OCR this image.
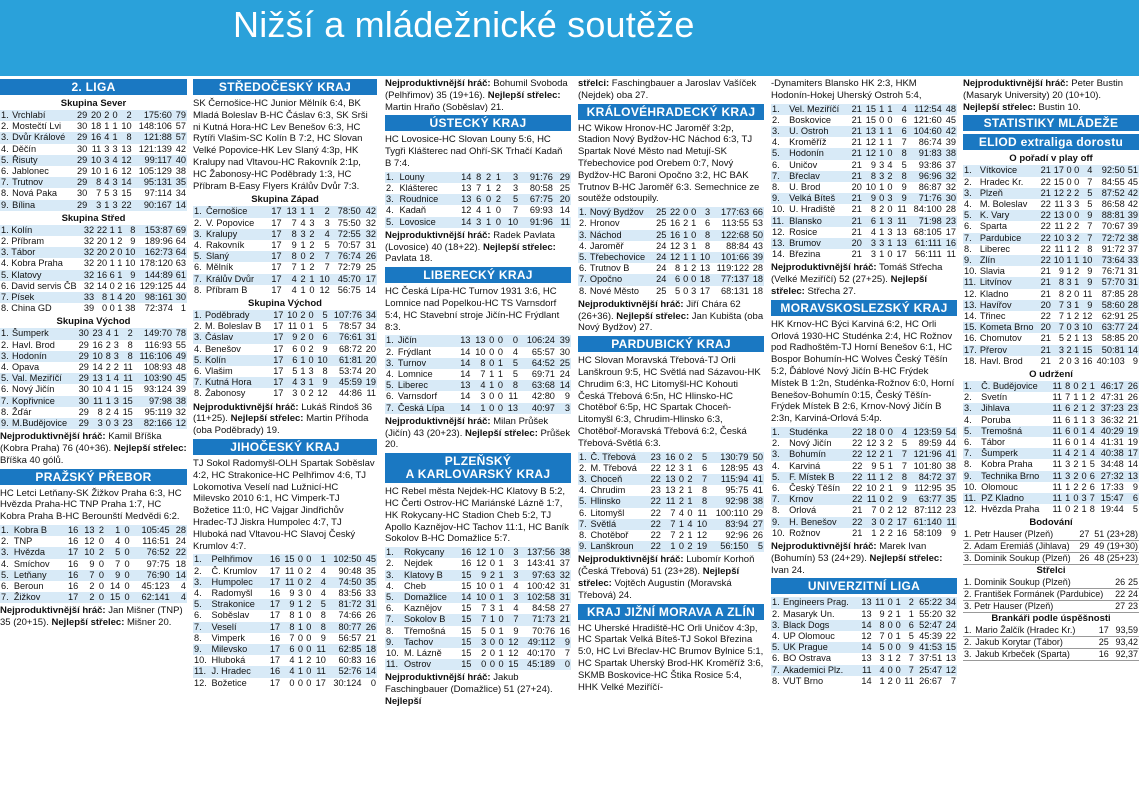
Nižší a mládežnické soutěže
2. LIGA
Skupina Sever
1.	Vrchlabí	29	20	2	0	2	175:60	79
2.	Mostečtí Lvi	30	18	1	1	10	148:106	57
3.	Dvůr Králové	29	16	4	1	8	121:88	57
4.	Děčín	30	11	3	3	13	121:139	42
5.	Řisuty	29	10	3	4	12	99:117	40
6.	Jablonec	29	10	1	6	12	105:129	38
7.	Trutnov	29	8	4	3	14	95:131	35
8.	Nová Paka	30	7	5	3	15	97:114	34
9.	Bílina	29	3	1	3	22	90:167	14
Skupina Střed
1.	Kolín	32	22	1	1	8	153:87	69
2.	Příbram	32	20	1	2	9	189:96	64
3.	Tábor	32	20	2	0	10	162:73	64
4.	Kobra Praha	32	20	1	1	10	178:120	63
5.	Klatovy	32	16	6	1	9	144:89	61
6.	David servis ČB	32	14	0	2	16	129:125	44
7.	Písek	33	8	1	4	20	98:161	30
8.	China GD	39	0	0	1	38	72:374	1
Skupina Východ
1.	Šumperk	30	23	4	1	2	149:70	78
2.	Havl. Brod	29	16	2	3	8	116:93	55
3.	Hodonín	29	10	8	3	8	116:106	49
4.	Opava	29	14	2	2	11	108:93	48
5.	Val. Meziříčí	29	13	1	4	11	103:90	45
6.	Nový Jičín	30	10	4	1	15	93:124	39
7.	Kopřivnice	30	11	1	3	15	97:98	38
8.	Žďár	29	8	2	4	15	95:119	32
9.	M.Budějovice	29	3	0	3	23	82:166	12

Nejproduktivnější hráč: Kamil Bříška (Kobra Praha) 76 (40+36). Nejlepší střelec: Bříška 40 gólů.

PRAŽSKÝ PŘEBOR

HC Letci Letňany-SK Žižkov Praha 6:3, HC Hvězda Praha-HC TNP Praha 1:7, HC Kobra Praha B-HC Berounští Medvědi 6:2.

1.	Kobra B	16	13	2	1	0	105:45	28
2.	TNP	16	12	0	4	0	116:51	24
3.	Hvězda	17	10	2	5	0	76:52	22
4.	Smíchov	16	9	0	7	0	97:75	18
5.	Letňany	16	7	0	9	0	76:90	14
6.	Beroun	16	2	0	14	0	45:123	4
7.	Žižkov	17	2	0	15	0	62:141	4

Nejproduktivnější hráč: Jan Mišner (TNP) 35 (20+15). Nejlepší střelec: Mišner 20.

STŘEDOČESKÝ KRAJ

SK Černošice-HC Junior Mělník 6:4, BK Mladá Boleslav B-HC Čáslav 6:3, SK Srši ni Kutná Hora-HC Lev Benešov 6:3, HC Rytíři Vlašim-SC Kolín B 7:2, HC Slovan Velké Popovice-HK Lev Slaný 4:3p, HK Kralupy nad Vltavou-HC Rakovník 2:1p, HC Žabonosy-HC Poděbrady 1:3, HC Příbram B-Easy Flyers Králův Dvůr 7:3.

Skupina Západ
1.	Černošice	17	13	1	1	2	78:50	42
2.	V. Popovice	17	7	4	3	3	75:50	32
3.	Kralupy	17	8	3	2	4	72:55	32
4.	Rakovník	17	9	1	2	5	70:57	31
5.	Slaný	17	8	0	2	7	76:74	26
6.	Mělník	17	7	1	2	7	72:79	25
7.	Králův Dvůr	17	4	2	1	10	45:70	17
8.	Příbram B	17	4	1	0	12	56:75	14
Skupina Východ
1.	Poděbrady	17	10	2	0	5	107:76	34
2.	M. Boleslav B	17	11	0	1	5	78:57	34
3.	Čáslav	17	9	2	0	6	76:61	31
4.	Benešov	17	6	0	2	9	68:72	20
5.	Kolín	17	6	1	0	10	61:81	20
6.	Vlašim	17	5	1	3	8	53:74	20
7.	Kutná Hora	17	4	3	1	9	45:59	19
8.	Žabonosy	17	3	0	2	12	44:86	11

Nejproduktivnější hráč: Lukáš Rindoš 36 (11+25). Nejlepší střelec: Martin Příhoda (oba Poděbrady) 19.

JIHOČESKÝ KRAJ

TJ Sokol Radomyšl-OLH Spartak Soběslav 4:2, HC Strakonice-HC Pelhřimov 4:6, TJ Lokomotiva Veselí nad Lužnicí-HC Milevsko 2010 6:1, HC Vimperk-TJ Božetice 11:0, HC Vajgar Jindřichův Hradec-TJ Jiskra Humpolec 4:7, TJ Hluboká nad Vltavou-HC Slavoj Český Krumlov 4:7.

1.	Pelhřimov	16	15	0	0	1	102:50	45
2.	Č. Krumlov	17	11	0	2	4	90:48	35
3.	Humpolec	17	11	0	2	4	74:50	35
4.	Radomyšl	16	9	3	0	4	83:56	33
5.	Strakonice	17	9	1	2	5	81:72	31
6.	Soběslav	17	8	1	0	8	74:66	26
7.	Veselí	17	8	1	0	8	80:77	26
8.	Vimperk	16	7	0	0	9	56:57	21
9.	Milevsko	17	6	0	0	11	62:85	18
10.	Hluboká	17	4	1	2	10	60:83	16
11.	J. Hradec	16	4	1	0	11	52:76	14
12.	Božetice	17	0	0	0	17	30:124	0

Nejproduktivnější hráč: Bohumil Svoboda (Pelhřimov) 35 (19+16). Nejlepší střelec: Martin Hraňo (Soběslav) 21.

ÚSTECKÝ KRAJ

HC Lovosice-HC Slovan Louny 5:6, HC Tygři Klášterec nad Ohří-SK Trhačí Kadaň B 7:4.

1.	Louny	14	8	2	1	3	91:76	29
2.	Klášterec	13	7	1	2	3	80:58	25
3.	Roudnice	13	6	0	2	5	67:75	20
4.	Kadaň	12	4	1	0	7	69:93	14
5.	Lovosice	14	3	1	0	10	91:96	11

Nejproduktivnější hráč: Radek Pavlata (Lovosice) 40 (18+22). Nejlepší střelec: Pavlata 18.

LIBERECKÝ KRAJ

HC Česká Lípa-HC Turnov 1931 3:6, HC Lomnice nad Popelkou-HC TS Varnsdorf 5:4, HC Stavební stroje Jičín-HC Frýdlant 8:3.

1.	Jičín	13	13	0	0	0	106:24	39
2.	Frýdlant	14	10	0	0	4	65:57	30
3.	Turnov	14	8	0	1	5	64:52	25
4.	Lomnice	14	7	1	1	5	69:71	24
5.	Liberec	13	4	1	0	8	63:68	14
6.	Varnsdorf	14	3	0	0	11	42:80	9
7.	Česká Lípa	14	1	0	0	13	40:97	3

Nejproduktivnější hráč: Milan Průšek (Jičín) 43 (20+23). Nejlepší střelec: Průšek 20.

PLZEŇSKÝ
A KARLOVARSKÝ KRAJ

HC Rebel města Nejdek-HC Klatovy B 5:2, HC Čerti Ostrov-HC Mariánské Lázně 1:7, HK Rokycany-HC Stadion Cheb 5:2, TJ Apollo Kaznějov-HC Tachov 11:1, HC Baník Sokolov B-HC Domažlice 5:7.

1.	Rokycany	16	12	1	0	3	137:56	38
2.	Nejdek	16	12	0	1	3	143:41	37
3.	Klatovy B	15	9	2	1	3	97:63	32
4.	Cheb	15	10	0	1	4	100:42	31
5.	Domažlice	14	10	0	1	3	102:58	31
6.	Kaznějov	15	7	3	1	4	84:58	27
7.	Sokolov B	15	7	1	0	7	71:73	21
8.	Třemošná	15	5	0	1	9	70:76	16
9.	Tachov	15	3	0	0	12	49:112	9
10.	M. Lázně	15	2	0	1	12	40:170	7
11.	Ostrov	15	0	0	0	15	45:189	0

Nejproduktivnější hráč: Jakub Faschingbauer (Domažlice) 51 (27+24). Nejlepší

střelci: Faschingbauer a Jaroslav Vašíček (Nejdek) oba 27.

KRÁLOVÉHRADECKÝ KRAJ

HC Wikow Hronov-HC Jaroměř 3:2p, Stadion Nový Bydžov-HC Náchod 6:3, TJ Spartak Nové Město nad Metují-SK Třebechovice pod Orebem 0:7, Nový Bydžov-HC Baroni Opočno 3:2, HC BAK Trutnov B-HC Jaroměř 6:3. Semechnice ze soutěže odstoupily.

1.	Nový Bydžov	25	22	0	0	3	177:63	66
2.	Hronov	25	16	2	1	6	113:55	53
3.	Náchod	25	16	1	0	8	122:68	50
4.	Jaroměř	24	12	3	1	8	88:84	43
5.	Třebechovice	24	12	1	1	10	101:66	39
6.	Trutnov B	24	8	1	2	13	119:122	28
7.	Opočno	24	6	0	0	18	77:137	18
8.	Nové Město	25	5	0	3	17	68:131	18

Nejproduktivnější hráč: Jiří Chára 62 (26+36). Nejlepší střelec: Jan Kubišta (oba Nový Bydžov) 27.

PARDUBICKÝ KRAJ

HC Slovan Moravská Třebová-TJ Orli Lanškroun 9:5, HC Světlá nad Sázavou-HK Chrudim 6:3, HC Litomyšl-HC Kohouti Česká Třebová 6:5n, HC Hlinsko-HC Chotěboř 6:5p, HC Spartak Choceň-Litomyšl 6:3, Chrudim-Hlinsko 6:3, Chotěboř-Moravská Třebová 6:2, Česká Třebová-Světlá 6:3.

1.	Č. Třebová	23	16	0	2	5	130:79	50
2.	M. Třebová	22	12	3	1	6	128:95	43
3.	Choceň	22	13	0	2	7	115:94	41
4.	Chrudim	23	13	2	1	8	95:75	41
5.	Hlinsko	22	11	2	1	8	92:98	38
6.	Litomyšl	22	7	4	0	11	100:110	29
7.	Světlá	22	7	1	4	10	83:94	27
8.	Chotěboř	22	7	2	1	12	92:96	26
9.	Lanškroun	22	1	0	2	19	56:150	5

Nejproduktivnější hráč: Lubomír Korhoň (Česká Třebová) 51 (23+28). Nejlepší střelec: Vojtěch Augustin (Moravská Třebová) 24.

KRAJ JIŽNÍ MORAVA A ZLÍN

HC Uherské Hradiště-HC Orli Uničov 4:3p, HC Spartak Velká Bíteš-TJ Sokol Březina 5:0, HC Lvi Břeclav-HC Brumov Bylnice 5:1, HC Spartak Uherský Brod-HK Kroměříž 3:6, SKMB Boskovice-HC Štika Rosice 5:4, HHK Velké Meziříčí-

-Dynamiters Blansko HK 2:3, HKM Hodonín-Hokej Uherský Ostroh 5:4,

1.	Vel. Meziříčí	21	15	1	1	4	112:54	48
2.	Boskovice	21	15	0	0	6	121:60	45
3.	U. Ostroh	21	13	1	1	6	104:60	42
4.	Kroměříž	21	12	1	1	7	86:74	39
5.	Hodonín	21	12	1	0	8	91:83	38
6.	Uničov	21	9	3	4	5	93:86	37
7.	Břeclav	21	8	3	2	8	96:96	32
8.	U. Brod	20	10	1	0	9	86:87	32
9.	Velká Bíteš	21	9	0	3	9	71:76	30
10.	U. Hradiště	21	8	2	0	11	84:100	28
11.	Blansko	21	6	1	3	11	71:98	23
12.	Rosice	21	4	1	3	13	68:105	17
13.	Brumov	20	3	3	1	13	61:111	16
14.	Březina	21	3	1	0	17	56:111	11

Nejproduktivnější hráč: Tomáš Střecha (Velké Meziříčí) 52 (27+25). Nejlepší střelec: Střecha 27.

MORAVSKOSLEZSKÝ KRAJ

HK Krnov-HC Býci Karviná 6:2, HC Orli Orlová 1930-HC Studénka 2:4, HC Rožnov pod Radhoštěm-TJ Horní Benešov 6:1, HC Bospor Bohumín-HC Wolves Český Těšín 5:2, Ďáblové Nový Jičín B-HC Frýdek Místek B 1:2n, Studénka-Rožnov 6:0, Horní Benešov-Bohumín 0:15, Český Těšín-Frýdek Místek B 2:6, Krnov-Nový Jičín B 2:3n, Karviná-Orlová 5:4p.

1.	Studénka	22	18	0	0	4	123:59	54
2.	Nový Jičín	22	12	3	2	5	89:59	44
3.	Bohumín	22	12	2	1	7	121:96	41
4.	Karviná	22	9	5	1	7	101:80	38
5.	F. Místek B	22	11	1	2	8	84:72	37
6.	Český Těšín	22	10	2	1	9	112:95	35
7.	Krnov	22	11	0	2	9	63:77	35
8.	Orlová	21	7	0	2	12	87:112	23
9.	H. Benešov	22	3	0	2	17	61:140	11
10.	Rožnov	21	1	2	2	16	58:109	9

Nejproduktivnější hráč: Marek Ivan (Bohumín) 53 (24+29). Nejlepší střelec: Ivan 24.

UNIVERZITNÍ LIGA
1.	Engineers Prag.	13	11	0	1	2	65:22	34
2.	Masaryk Un.	13	9	2	1	1	55:20	32
3.	Black Dogs	14	8	0	0	6	52:47	24
4.	UP Olomouc	12	7	0	1	5	45:39	22
5.	UK Prague	14	5	0	0	9	41:53	15
6.	BO Ostrava	13	3	1	2	7	37:51	13
7.	Akademici Plz.	11	4	0	0	7	25:47	12
8.	VUT Brno	14	1	2	0	11	26:67	7

Nejproduktivnější hráč: Peter Bustin (Masaryk University) 20 (10+10). Nejlepší střelec: Bustin 10.

STATISTIKY MLÁDEŽE
ELIOD extraliga dorostu
O pořadí v play off
1.	Vítkovice	21	17	0	0	4	92:50	51
2.	Hradec Kr.	22	15	0	0	7	84:55	45
3.	Plzeň	21	12	2	2	5	87:52	42
4.	M. Boleslav	22	11	3	3	5	86:58	42
5.	K. Vary	22	13	0	0	9	88:81	39
6.	Sparta	22	11	2	2	7	70:67	39
7.	Pardubice	22	10	3	2	7	72:72	38
8.	Liberec	22	11	1	2	8	91:72	37
9.	Zlín	22	10	1	1	10	73:64	33
10.	Slavia	21	9	1	2	9	76:71	31
11.	Litvínov	21	8	3	1	9	57:70	31
12.	Kladno	21	8	2	0	11	87:85	28
13.	Havířov	20	7	3	1	9	58:60	28
14.	Třinec	22	7	1	2	12	62:91	25
15.	Kometa Brno	20	7	0	3	10	63:77	24
16.	Chomutov	21	5	2	1	13	58:85	20
17.	Přerov	21	3	2	1	15	50:81	14
18.	Havl. Brod	21	2	0	3	16	40:103	9
O udržení
1.	Č. Budějovice	11	8	0	2	1	46:17	26
2.	Svetín	11	7	1	1	2	47:31	26
3.	Jihlava	11	6	2	1	2	37:23	23
4.	Poruba	11	6	1	1	3	36:32	21
5.	Tremošná	11	6	0	1	4	40:29	19
6.	Tábor	11	6	0	1	4	41:31	19
7.	Šumperk	11	4	2	1	4	40:38	17
8.	Kobra Praha	11	3	2	1	5	34:48	14
9.	Technika Brno	11	3	2	0	6	27:32	13
10.	Olomouc	11	1	2	2	6	17:33	9
11.	PZ Kladno	11	1	0	3	7	15:47	6
12.	Hvězda Praha	11	0	2	1	8	19:44	5
Bodování
1.	Petr Hauser (Plzeň)	27	51 (23+28)
2.	Adam Eremiáš (Jihlava)	29	49 (19+30)
3.	Dominik Soukup (Plzeň)	26	48 (25+23)
Střelci
1.	Dominik Soukup (Plzeň)	26	25
2.	František Formánek (Pardubice)	22	24
3.	Petr Hauser (Plzeň)	27	23
Brankáři podle úspěšnosti
1.	Mario Žalčík (Hradec Kr.)	17	93,59
2.	Jakub Korytar (Tábor)	25	93,42
3.	Jakub Krbeček (Sparta)	16	92,37
